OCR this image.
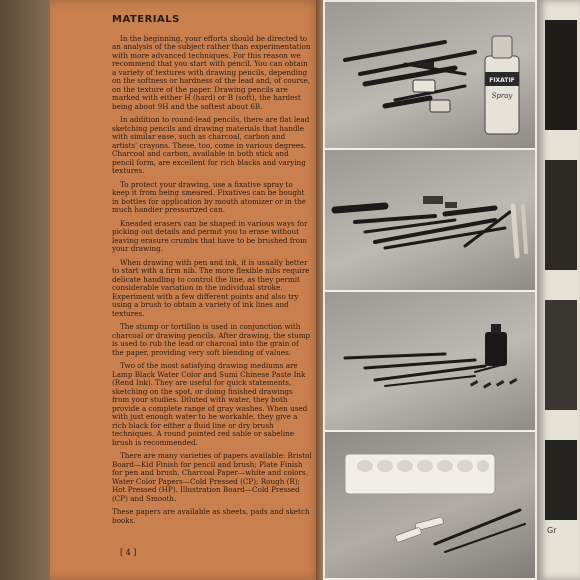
MATERIALS

In the beginning, your efforts should be directed to an analysis of the subject rather than experimentation with more advanced techniques. For this reason we recommend that you start with pencil. You can obtain a variety of textures with drawing pencils, depending on the softness or hardness of the lead and, of course, on the texture of the paper. Drawing pencils are marked with either H (hard) or B (soft), the hardest being about 9H and the softest about 6B.

In addition to round-lead pencils, there are flat lead sketching pencils and drawing materials that handle with similar ease, such as charcoal, carbon and artists' crayons. These, too, come in various degrees. Charcoal and carbon, available in both stick and pencil form, are excellent for rich blacks and varying textures.

To protect your drawing, use a fixative spray to keep it from being smeared. Fixatives can be bought in bottles for application by mouth atomizer or in the much handier pressurized can.

Kneaded erasers can be shaped in various ways for picking out details and permit you to erase without leaving erasure crumbs that have to be brushed from your drawing.

When drawing with pen and ink, it is usually better to start with a firm nib. The more flexible nibs require delicate handling to control the line, as they permit considerable variation in the individual stroke. Experiment with a few different points and also try using a brush to obtain a variety of ink lines and textures.

The stump or tortillon is used in conjunction with charcoal or drawing pencils. After drawing, the stump is used to rub the lead or charcoal into the grain of the paper, providing very soft blending of values.

Two of the most satisfying drawing mediums are Lamp Black Water Color and Sumi Chinese Paste Ink (Rend Ink). They are useful for quick statements, sketching on the spot, or doing finished drawings from your studies. Diluted with water, they both provide a complete range of gray washes. When used with just enough water to be workable, they give a rich black for either a fluid line or dry brush techniques. A round pointed red sable or sabeline brush is recommended.

There are many varieties of papers available: Bristol Board—Kid Finish for pencil and brush; Plate Finish for pen and brush. Charcoal Paper—white and colors. Water Color Papers—Cold Pressed (CP); Rough (R); Hot Pressed (HP). Illustration Board—Cold Pressed (CP) and Smooth.

These papers are available as sheets, pads and sketch books.

[ 4 ]
FIXATIF
Spray
Gr
